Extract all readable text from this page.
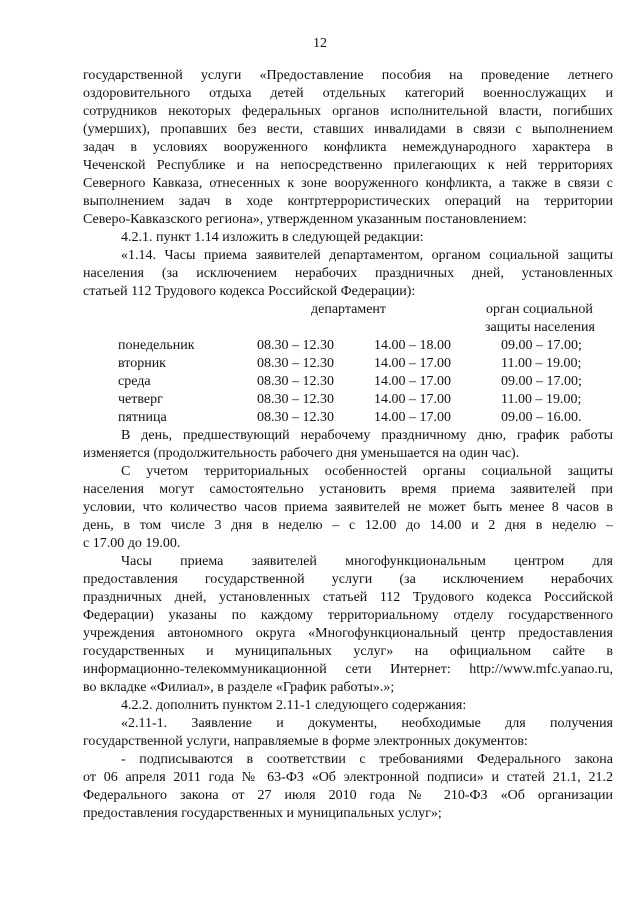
12
государственной услуги «Предоставление пособия на проведение летнего
оздоровительного отдыха детей отдельных категорий военнослужащих и
сотрудников некоторых федеральных органов исполнительной власти, погибших
(умерших), пропавших без вести, ставших инвалидами в связи с выполнением
задач в условиях вооруженного конфликта немеждународного характера в
Чеченской Республике и на непосредственно прилегающих к ней территориях
Северного Кавказа, отнесенных к зоне вооруженного конфликта, а также в связи с
выполнением задач в ходе контртеррористических операций на территории
Северо-Кавказского региона», утвержденном указанным постановлением:
4.2.1. пункт 1.14 изложить в следующей редакции:
«1.14. Часы приема заявителей департаментом, органом социальной защиты
населения (за исключением нерабочих праздничных дней, установленных
статьей 112 Трудового кодекса Российской Федерации):
департамент	орган социальной
защиты населения
понедельник	08.30 – 12.30	14.00 – 18.00	09.00 – 17.00;
вторник	08.30 – 12.30	14.00 – 17.00	11.00 – 19.00;
среда	08.30 – 12.30	14.00 – 17.00	09.00 – 17.00;
четверг	08.30 – 12.30	14.00 – 17.00	11.00 – 19.00;
пятница	08.30 – 12.30	14.00 – 17.00	09.00 – 16.00.
В день, предшествующий нерабочему праздничному дню, график работы
изменяется (продолжительность рабочего дня уменьшается на один час).
С учетом территориальных особенностей органы социальной защиты
населения могут самостоятельно установить время приема заявителей при
условии, что количество часов приема заявителей не может быть менее 8 часов в
день, в том числе 3 дня в неделю – с 12.00 до 14.00 и 2 дня в неделю –
с 17.00 до 19.00.
Часы приема заявителей многофункциональным центром для
предоставления государственной услуги (за исключением нерабочих
праздничных дней, установленных статьей 112 Трудового кодекса Российской
Федерации) указаны по каждому территориальному отделу государственного
учреждения автономного округа «Многофункциональный центр предоставления
государственных и муниципальных услуг» на официальном сайте в
информационно-телекоммуникационной сети Интернет: http://www.mfc.yanao.ru,
во вкладке «Филиал», в разделе «График работы».»;
4.2.2. дополнить пунктом 2.11-1 следующего содержания:
«2.11-1. Заявление и документы, необходимые для получения
государственной услуги, направляемые в форме электронных документов:
- подписываются в соответствии с требованиями Федерального закона
от 06 апреля 2011 года № 63-ФЗ «Об электронной подписи» и статей 21.1, 21.2
Федерального закона от 27 июля 2010 года № 210-ФЗ «Об организации
предоставления государственных и муниципальных услуг»;
